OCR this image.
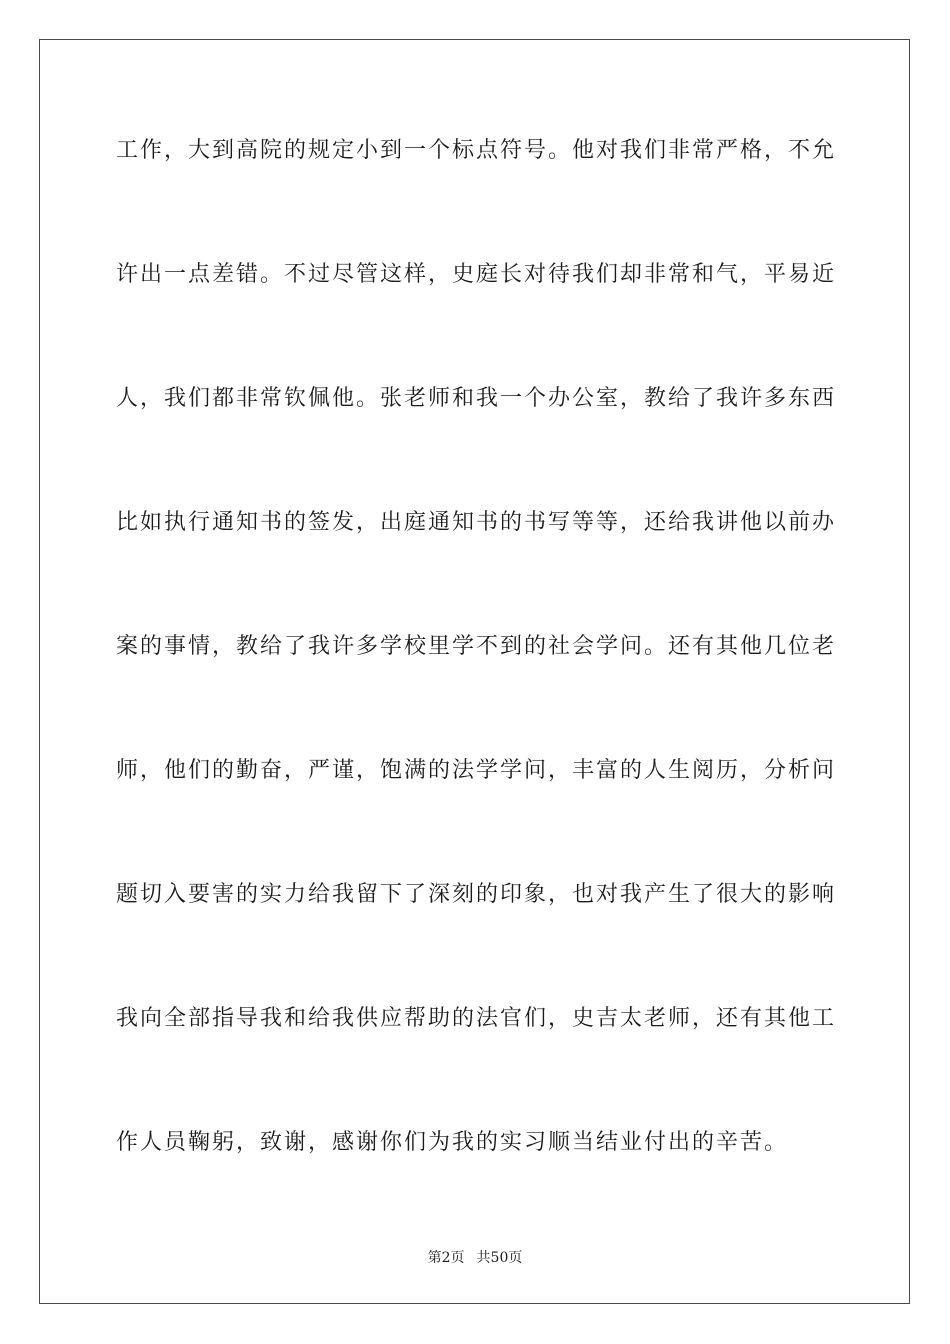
工作，大到高院的规定小到一个标点符号。他对我们非常严格，不允
许出一点差错。不过尽管这样，史庭长对待我们却非常和气，平易近
人，我们都非常钦佩他。张老师和我一个办公室，教给了我许多东西
比如执行通知书的签发，出庭通知书的书写等等，还给我讲他以前办
案的事情，教给了我许多学校里学不到的社会学问。还有其他几位老
师，他们的勤奋，严谨，饱满的法学学问，丰富的人生阅历，分析问
题切入要害的实力给我留下了深刻的印象，也对我产生了很大的影响
我向全部指导我和给我供应帮助的法官们，史吉太老师，还有其他工
作人员鞠躬，致谢，感谢你们为我的实习顺当结业付出的辛苦。
第2页 共50页
